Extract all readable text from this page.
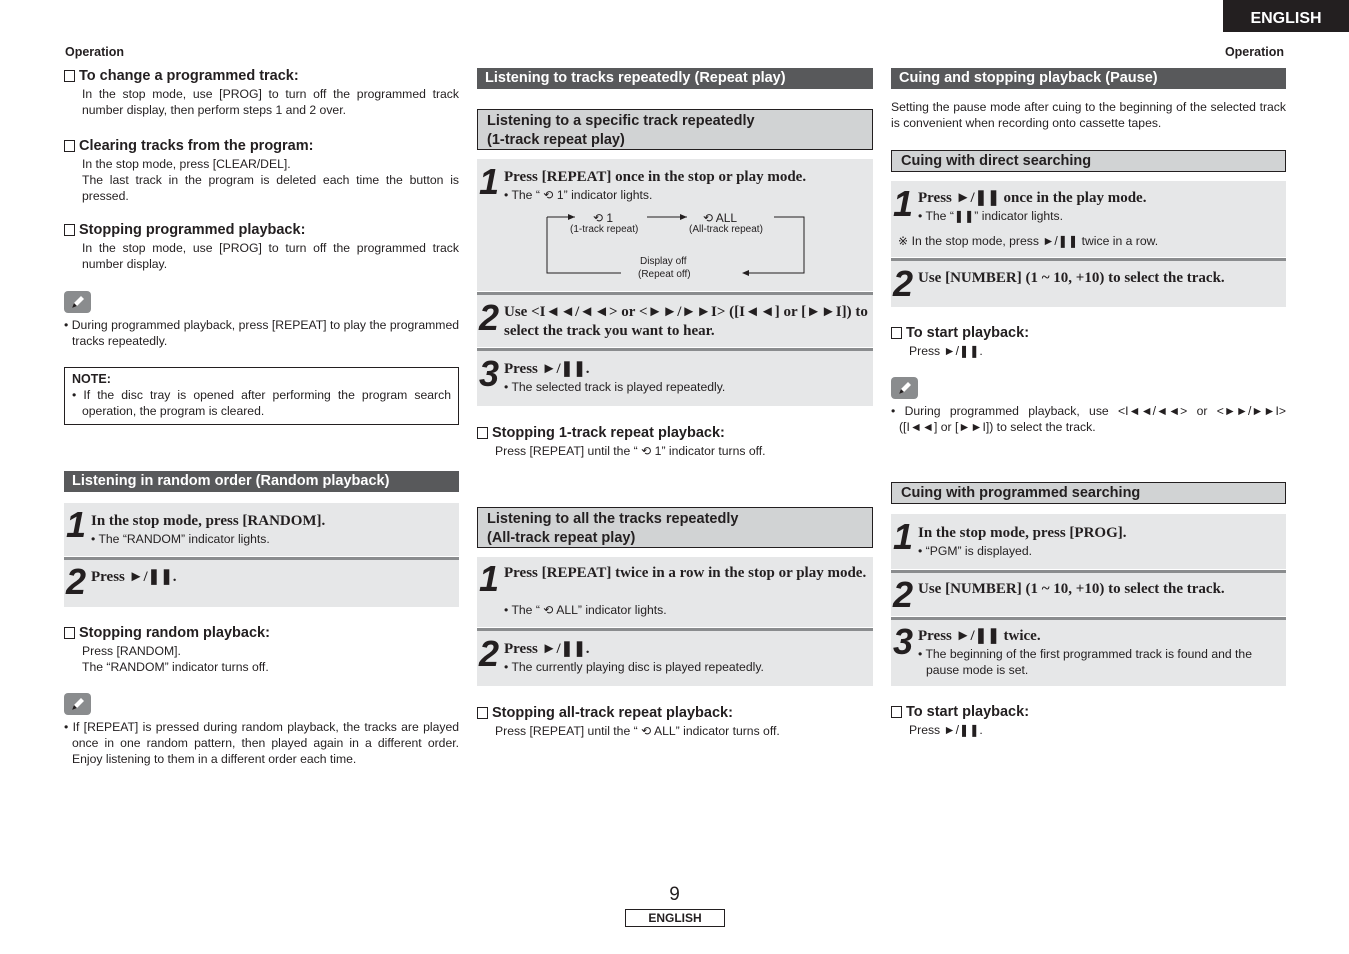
ENGLISH
Operation	Operation
To change a programmed track:
In the stop mode, use [PROG] to turn off the programmed track number display, then perform steps 1 and 2 over.
Clearing tracks from the program:
In the stop mode, press [CLEAR/DEL].
The last track in the program is deleted each time the button is pressed.
Stopping programmed playback:
In the stop mode, use [PROG] to turn off the programmed track number display.
• During programmed playback, press [REPEAT] to play the programmed tracks repeatedly.
NOTE:
• If the disc tray is opened after performing the program search operation, the program is cleared.
Listening in random order (Random playback)
1 In the stop mode, press [RANDOM].
• The “RANDOM” indicator lights.
2 Press ►/❚❚.
Stopping random playback:
Press [RANDOM].
The “RANDOM” indicator turns off.
• If [REPEAT] is pressed during random playback, the tracks are played once in one random pattern, then played again in a different order. Enjoy listening to them in a different order each time.
Listening to tracks repeatedly (Repeat play)
Listening to a specific track repeatedly
(1-track repeat play)
1 Press [REPEAT] once in the stop or play mode.
• The “ ⟲ 1” indicator lights.
⟲ 1
(1-track repeat)
⟲ ALL
(All-track repeat)
Display off
(Repeat off)
2 Use <I◄◄/◄◄> or <►►/►►I> ([I◄◄] or [►►I]) to select the track you want to hear.
3 Press ►/❚❚.
• The selected track is played repeatedly.
Stopping 1-track repeat playback:
Press [REPEAT] until the “ ⟲ 1” indicator turns off.
Listening to all the tracks repeatedly
(All-track repeat play)
1 Press [REPEAT] twice in a row in the stop or play mode.
• The “ ⟲ ALL” indicator lights.
2 Press ►/❚❚.
• The currently playing disc is played repeatedly.
Stopping all-track repeat playback:
Press [REPEAT] until the “ ⟲ ALL” indicator turns off.
Cuing and stopping playback (Pause)
Setting the pause mode after cuing to the beginning of the selected track is convenient when recording onto cassette tapes.
Cuing with direct searching
1 Press ►/❚❚ once in the play mode.
• The “❚❚” indicator lights.
※ In the stop mode, press ►/❚❚ twice in a row.
2 Use [NUMBER] (1 ~ 10, +10) to select the track.
To start playback:
Press ►/❚❚.
• During programmed playback, use <I◄◄/◄◄> or <►►/►►I> ([I◄◄] or [►►I]) to select the track.
Cuing with programmed searching
1 In the stop mode, press [PROG].
• “PGM” is displayed.
2 Use [NUMBER] (1 ~ 10, +10) to select the track.
3 Press ►/❚❚ twice.
• The beginning of the first programmed track is found and the pause mode is set.
To start playback:
Press ►/❚❚.
9
ENGLISH
